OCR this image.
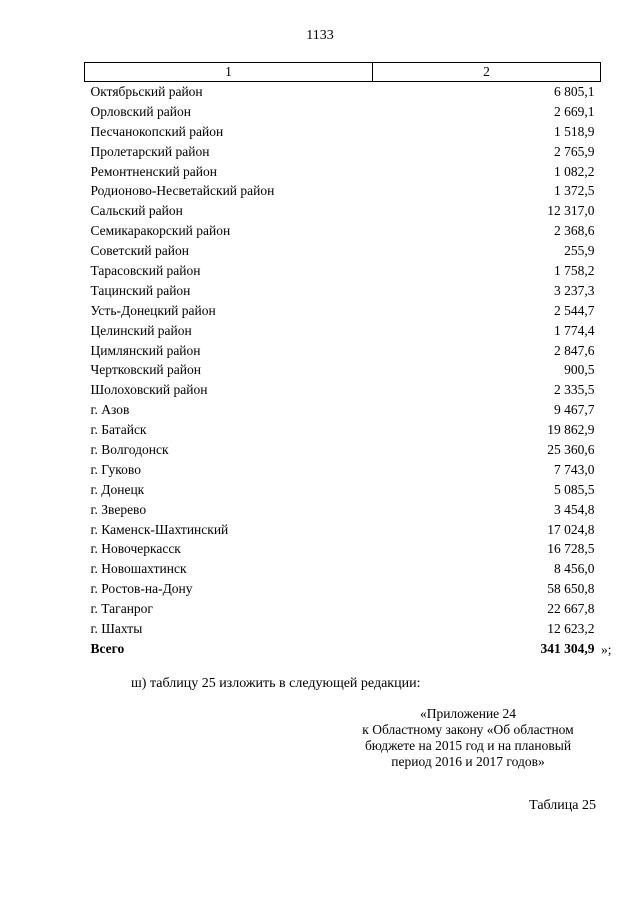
1133
1	2
Октябрьский район	6 805,1
Орловский район	2 669,1
Песчанокопский район	1 518,9
Пролетарский район	2 765,9
Ремонтненский район	1 082,2
Родионово-Несветайский район	1 372,5
Сальский район	12 317,0
Семикаракорский район	2 368,6
Советский район	255,9
Тарасовский район	1 758,2
Тацинский район	3 237,3
Усть-Донецкий район	2 544,7
Целинский район	1 774,4
Цимлянский район	2 847,6
Чертковский район	900,5
Шолоховский район	2 335,5
г. Азов	9 467,7
г. Батайск	19 862,9
г. Волгодонск	25 360,6
г. Гуково	7 743,0
г. Донецк	5 085,5
г. Зверево	3 454,8
г. Каменск-Шахтинский	17 024,8
г. Новочеркасск	16 728,5
г. Новошахтинск	8 456,0
г. Ростов-на-Дону	58 650,8
г. Таганрог	22 667,8
г. Шахты	12 623,2
Всего	341 304,9 »;
ш) таблицу 25 изложить в следующей редакции:
«Приложение 24
к Областному закону «Об областном
бюджете на 2015 год и на плановый
период 2016 и 2017 годов»
Таблица 25
